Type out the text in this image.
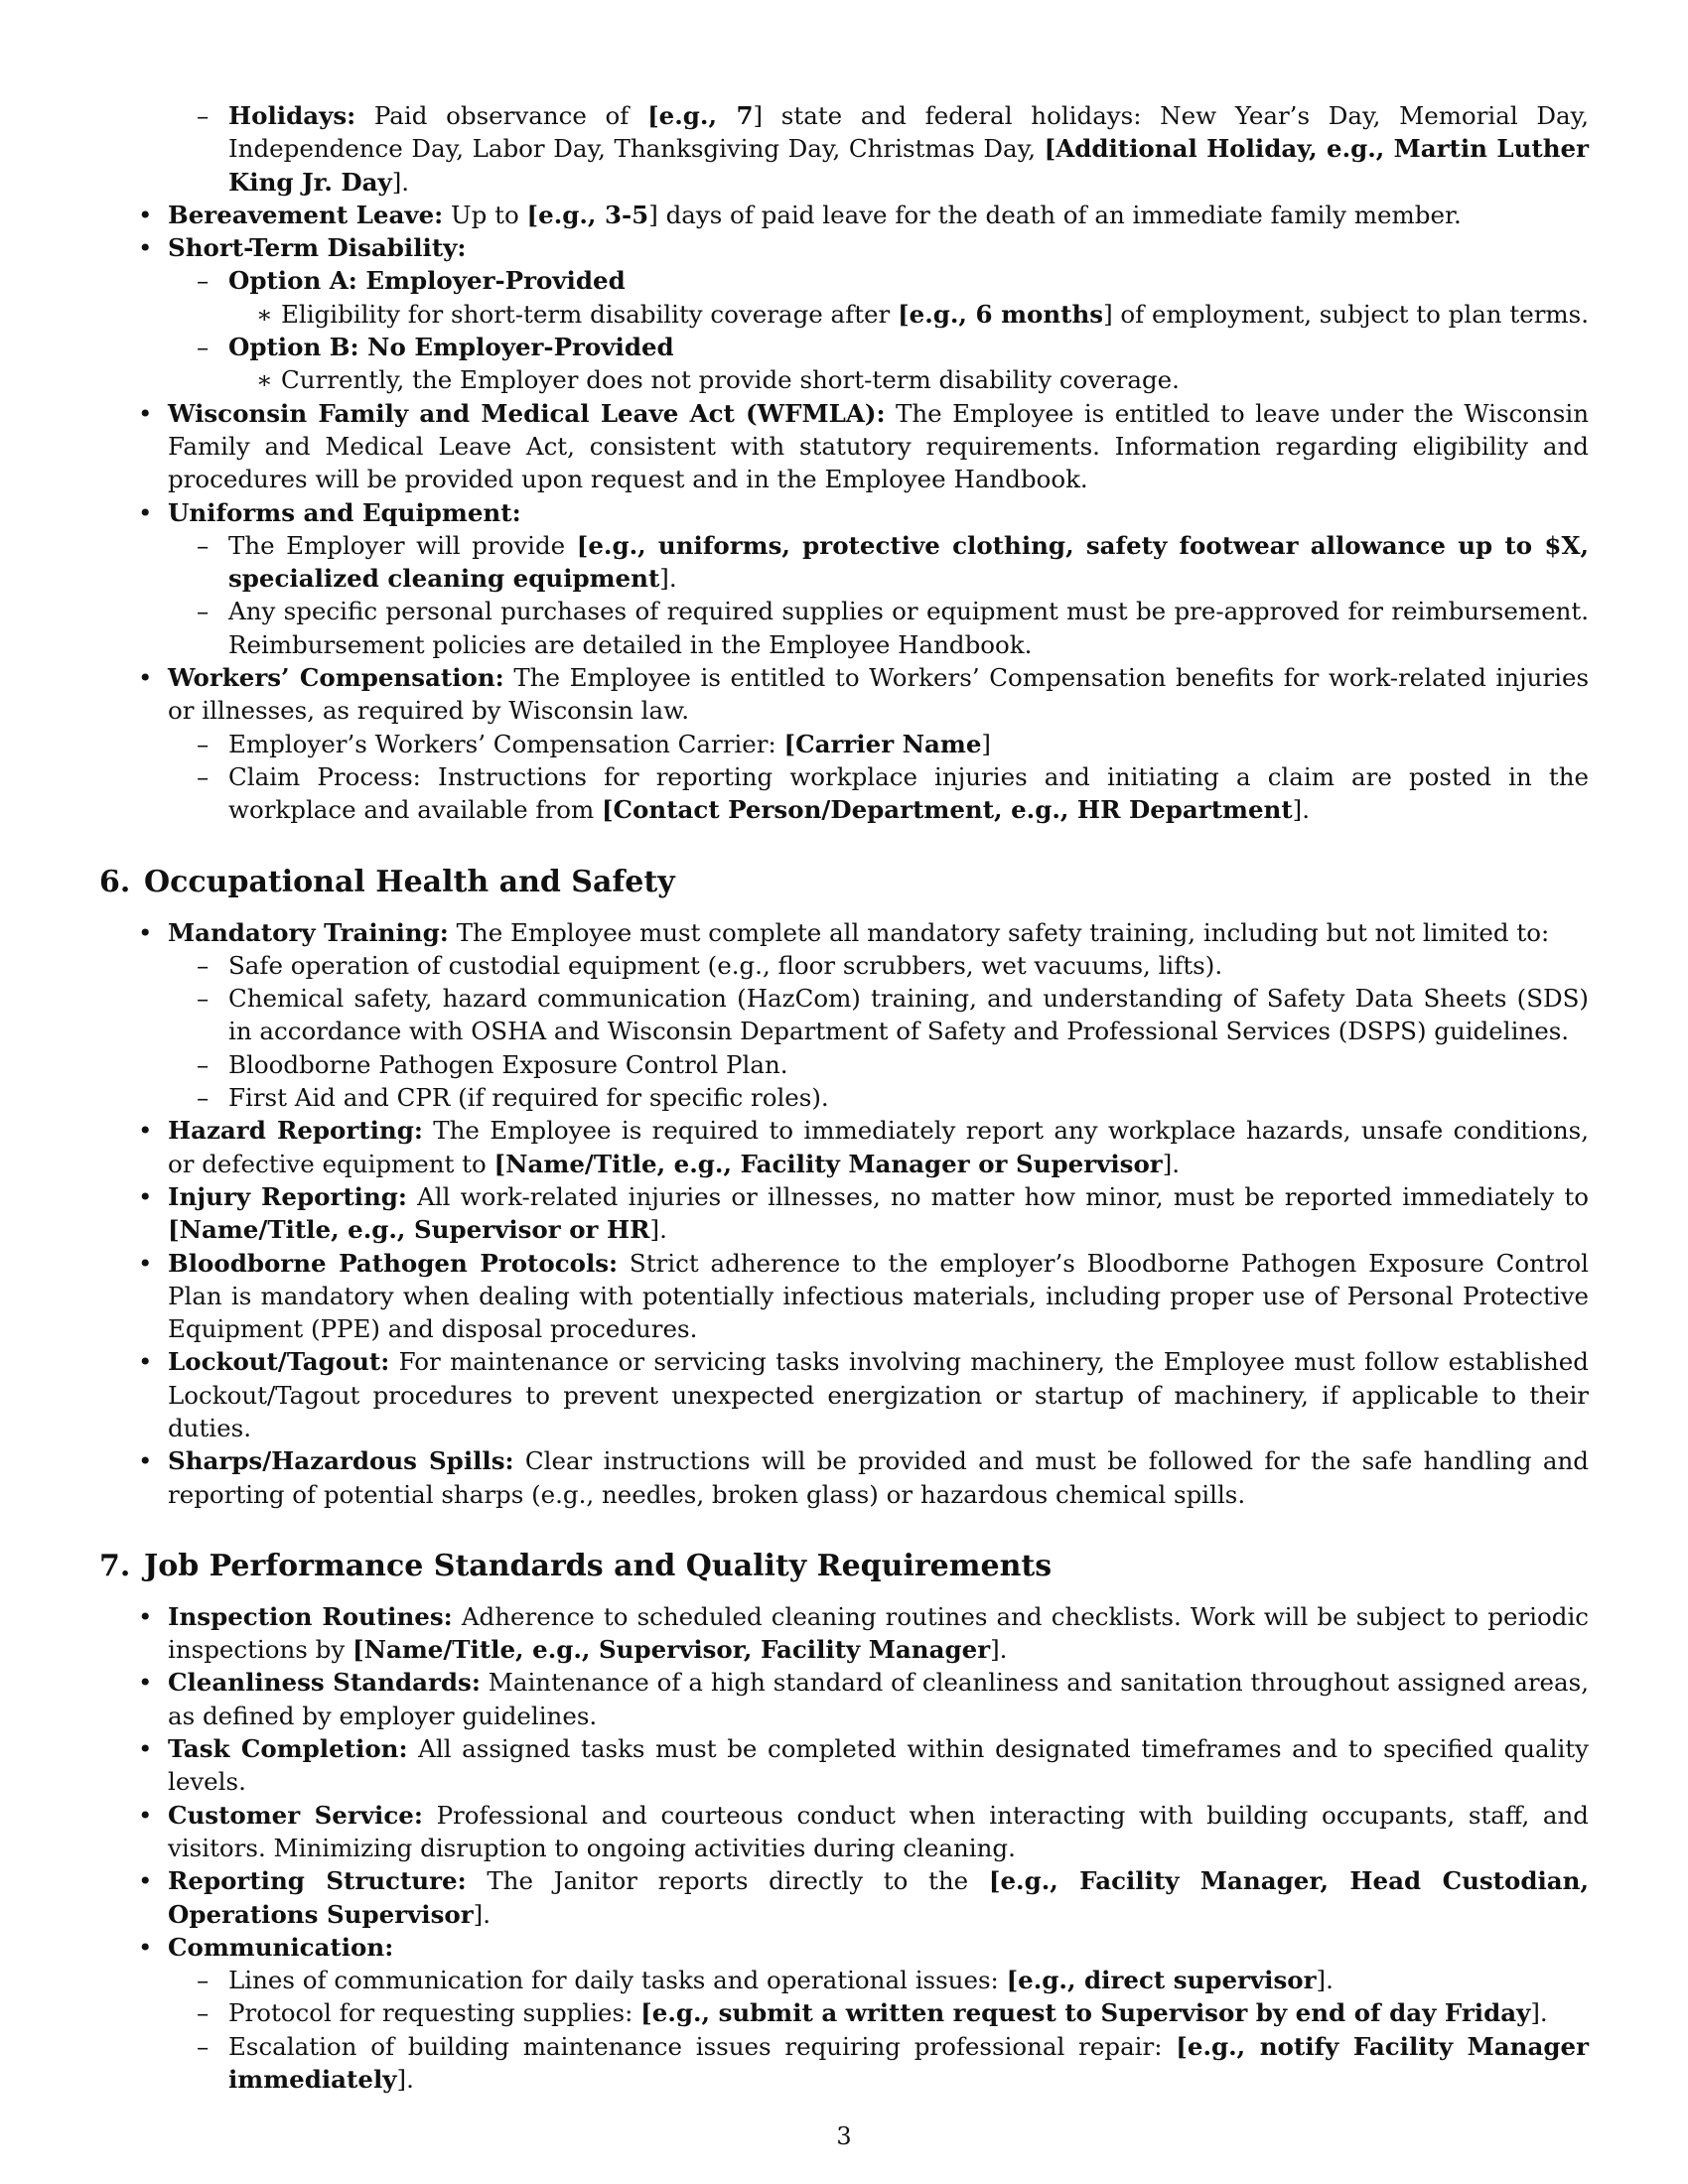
– Holidays: Paid observance of [e.g., 7] state and federal holidays: New Year’s Day, Memorial Day, Independence Day, Labor Day, Thanksgiving Day, Christmas Day, [Additional Holiday, e.g., Martin Luther King Jr. Day].
• Bereavement Leave: Up to [e.g., 3-5] days of paid leave for the death of an immediate family member.
• Short-Term Disability:
– Option A: Employer-Provided
∗ Eligibility for short-term disability coverage after [e.g., 6 months] of employment, subject to plan terms.
– Option B: No Employer-Provided
∗ Currently, the Employer does not provide short-term disability coverage.
• Wisconsin Family and Medical Leave Act (WFMLA): The Employee is entitled to leave under the Wisconsin Family and Medical Leave Act, consistent with statutory requirements. Information regarding eligibility and procedures will be provided upon request and in the Employee Handbook.
• Uniforms and Equipment:
– The Employer will provide [e.g., uniforms, protective clothing, safety footwear allowance up to $X, specialized cleaning equipment].
– Any specific personal purchases of required supplies or equipment must be pre-approved for reimbursement. Reimbursement policies are detailed in the Employee Handbook.
• Workers’ Compensation: The Employee is entitled to Workers’ Compensation benefits for work-related injuries or illnesses, as required by Wisconsin law.
– Employer’s Workers’ Compensation Carrier: [Carrier Name]
– Claim Process: Instructions for reporting workplace injuries and initiating a claim are posted in the workplace and available from [Contact Person/Department, e.g., HR Department].
6. Occupational Health and Safety
• Mandatory Training: The Employee must complete all mandatory safety training, including but not limited to:
– Safe operation of custodial equipment (e.g., floor scrubbers, wet vacuums, lifts).
– Chemical safety, hazard communication (HazCom) training, and understanding of Safety Data Sheets (SDS) in accordance with OSHA and Wisconsin Department of Safety and Professional Services (DSPS) guidelines.
– Bloodborne Pathogen Exposure Control Plan.
– First Aid and CPR (if required for specific roles).
• Hazard Reporting: The Employee is required to immediately report any workplace hazards, unsafe conditions, or defective equipment to [Name/Title, e.g., Facility Manager or Supervisor].
• Injury Reporting: All work-related injuries or illnesses, no matter how minor, must be reported immediately to [Name/Title, e.g., Supervisor or HR].
• Bloodborne Pathogen Protocols: Strict adherence to the employer’s Bloodborne Pathogen Exposure Control Plan is mandatory when dealing with potentially infectious materials, including proper use of Personal Protective Equipment (PPE) and disposal procedures.
• Lockout/Tagout: For maintenance or servicing tasks involving machinery, the Employee must follow established Lockout/Tagout procedures to prevent unexpected energization or startup of machinery, if applicable to their duties.
• Sharps/Hazardous Spills: Clear instructions will be provided and must be followed for the safe handling and reporting of potential sharps (e.g., needles, broken glass) or hazardous chemical spills.
7. Job Performance Standards and Quality Requirements
• Inspection Routines: Adherence to scheduled cleaning routines and checklists. Work will be subject to periodic inspections by [Name/Title, e.g., Supervisor, Facility Manager].
• Cleanliness Standards: Maintenance of a high standard of cleanliness and sanitation throughout assigned areas, as defined by employer guidelines.
• Task Completion: All assigned tasks must be completed within designated timeframes and to specified quality levels.
• Customer Service: Professional and courteous conduct when interacting with building occupants, staff, and visitors. Minimizing disruption to ongoing activities during cleaning.
• Reporting Structure: The Janitor reports directly to the [e.g., Facility Manager, Head Custodian, Operations Supervisor].
• Communication:
– Lines of communication for daily tasks and operational issues: [e.g., direct supervisor].
– Protocol for requesting supplies: [e.g., submit a written request to Supervisor by end of day Friday].
– Escalation of building maintenance issues requiring professional repair: [e.g., notify Facility Manager immediately].
3
